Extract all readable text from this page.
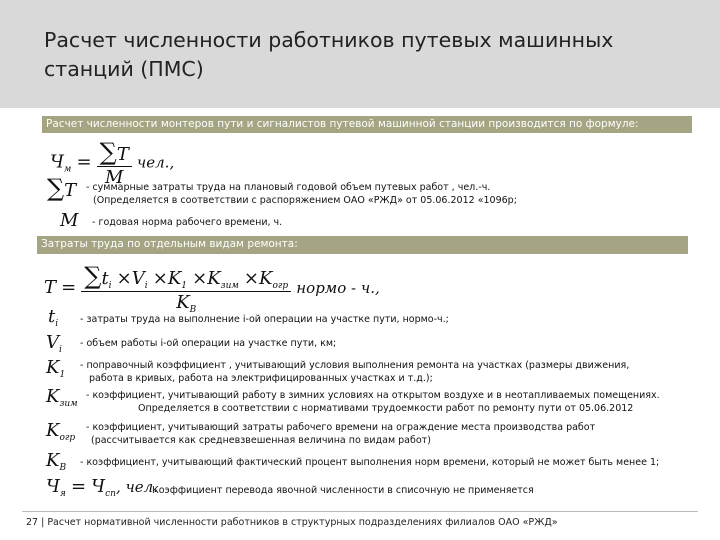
Расчет численности работников путевых машинных станций (ПМС)
Расчет численности монтеров пути и сигналистов путевой машинной станции производится по формуле:
$Ч_м = \frac{\sum T}{M}$ чел.,
∑T - суммарные затраты труда на плановый годовой объем путевых работ , чел.-ч.
(Определяется в соответствии с распоряжением ОАО «РЖД» от 05.06.2012 «1096р;
M - годовая норма рабочего времени, ч.
Затраты труда по отдельным видам ремонта:
$T = \frac{\sum t_i \times V_i \times K_1 \times K_{зим} \times K_{огр}}{K_В}$ нормо - ч.,
$t_i$ - затраты труда на выполнение i-ой операции на участке пути, нормо-ч.;
$V_i$
- объем работы i-ой операции на участке пути, км;
$K_1$
- поправочный коэффициент , учитывающий условия выполнения ремонта на участках (размеры движения,
работа в кривых, работа на электрифицированных участках и т.д.);
$K_{зим}$
- коэффициент, учитывающий работу в зимних условиях на открытом воздухе и в неотапливаемых помещениях.
Определяется в соответствии с нормативами трудоемкости работ по ремонту пути от 05.06.2012
$K_{огр}$
- коэффициент, учитывающий затраты рабочего времени на ограждение места производства работ
(рассчитывается как средневзвешенная величина по видам работ)
$K_В$ - коэффициент, учитывающий фактический процент выполнения норм времени, который не может быть менее 1;
$Ч_я = Ч_{сп}$, чел.
Коэффициент перевода явочной численности в списочную не применяется
27 | Расчет нормативной численности работников в структурных подразделениях филиалов ОАО «РЖД»
